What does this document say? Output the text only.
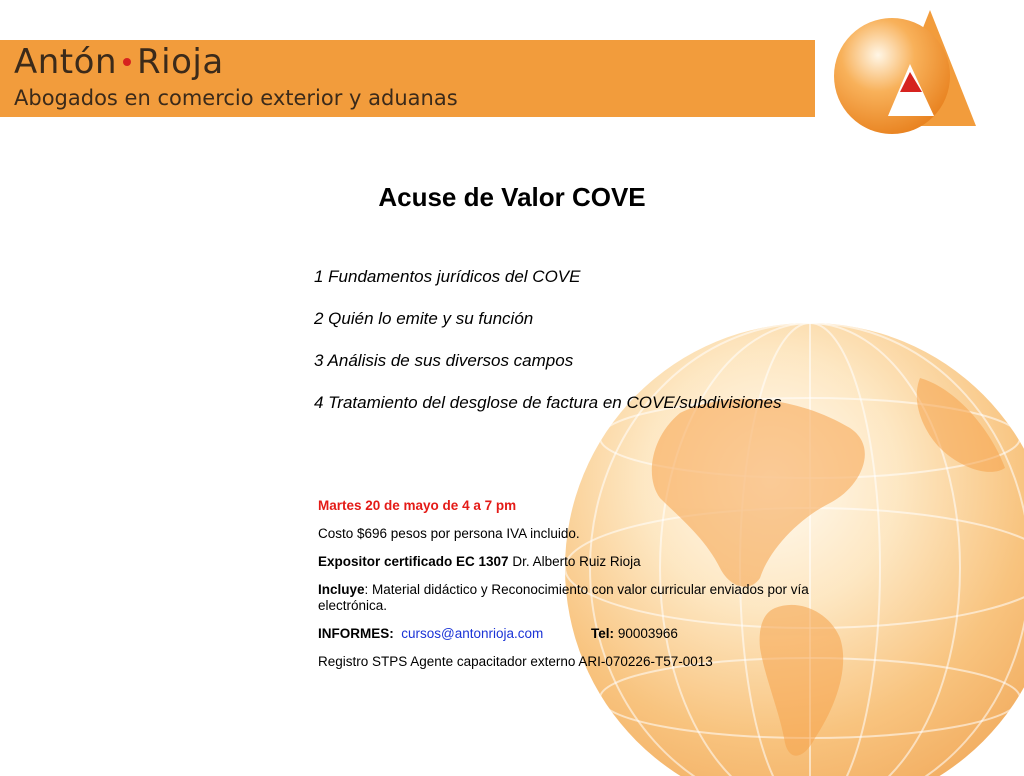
Antón Rioja
Abogados en comercio exterior y aduanas
Acuse de Valor COVE
1 Fundamentos jurídicos del COVE
2 Quién lo emite y su función
3 Análisis de sus diversos campos
4 Tratamiento del desglose de factura en COVE/subdivisiones

Martes 20 de mayo de 4 a 7 pm

Costo $696 pesos por persona IVA incluido.

Expositor certificado EC 1307 Dr. Alberto Ruiz Rioja

Incluye: Material didáctico y Reconocimiento con valor curricular enviados por vía electrónica.

INFORMES: cursos@antonrioja.com	Tel: 90003966

Registro STPS Agente capacitador externo ARI-070226-T57-0013
